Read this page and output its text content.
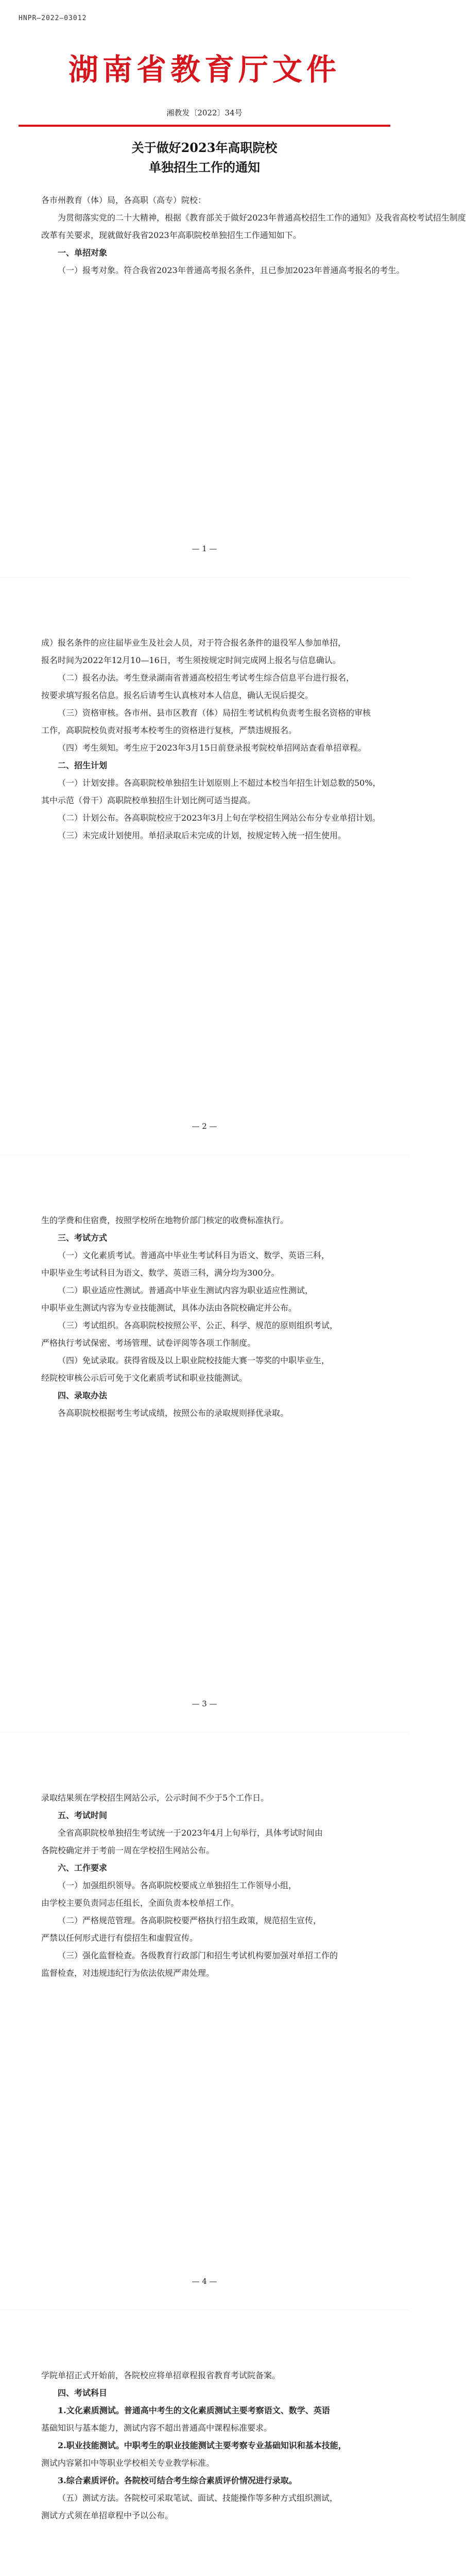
HNPR—2022—03012
湖南省教育厅文件
湘教发〔2022〕34号
关于做好2023年高职院校
单独招生工作的通知
各市州教育（体）局，各高职（高专）院校：
为贯彻落实党的二十大精神，根据《教育部关于做好2023年普通高校招生工作的通知》及我省高校考试招生制度
改革有关要求，现就做好我省2023年高职院校单独招生工作通知如下。
一、单招对象
（一）报考对象。符合我省2023年普通高考报名条件，且已参加2023年普通高考报名的考生。
— 1 —
成）报名条件的应往届毕业生及社会人员，对于符合报名条件的退役军人参加单招，
报名时间为2022年12月10—16日，考生须按规定时间完成网上报名与信息确认。
（二）报名办法。考生登录湖南省普通高校招生考试考生综合信息平台进行报名，
按要求填写报名信息。报名后请考生认真核对本人信息，确认无误后提交。
（三）资格审核。各市州、县市区教育（体）局招生考试机构负责考生报名资格的审核
工作，高职院校负责对报考本校考生的资格进行复核，严禁违规报名。
（四）考生须知。考生应于2023年3月15日前登录报考院校单招网站查看单招章程。
二、招生计划
（一）计划安排。各高职院校单独招生计划原则上不超过本校当年招生计划总数的50%，
其中示范（骨干）高职院校单独招生计划比例可适当提高。
（二）计划公布。各高职院校应于2023年3月上旬在学校招生网站公布分专业单招计划。
（三）未完成计划使用。单招录取后未完成的计划，按规定转入统一招生使用。
— 2 —
生的学费和住宿费，按照学校所在地物价部门核定的收费标准执行。
三、考试方式
（一）文化素质考试。普通高中毕业生考试科目为语文、数学、英语三科，
中职毕业生考试科目为语文、数学、英语三科，满分均为300分。
（二）职业适应性测试。普通高中毕业生测试内容为职业适应性测试，
中职毕业生测试内容为专业技能测试，具体办法由各院校确定并公布。
（三）考试组织。各高职院校按照公平、公正、科学、规范的原则组织考试，
严格执行考试保密、考场管理、试卷评阅等各项工作制度。
（四）免试录取。获得省级及以上职业院校技能大赛一等奖的中职毕业生，
经院校审核公示后可免于文化素质考试和职业技能测试。
四、录取办法
各高职院校根据考生考试成绩，按照公布的录取规则择优录取。
— 3 —
录取结果须在学校招生网站公示，公示时间不少于5个工作日。
五、考试时间
全省高职院校单独招生考试统一于2023年4月上旬举行，具体考试时间由
各院校确定并于考前一周在学校招生网站公布。
六、工作要求
（一）加强组织领导。各高职院校要成立单独招生工作领导小组，
由学校主要负责同志任组长，全面负责本校单招工作。
（二）严格规范管理。各高职院校要严格执行招生政策，规范招生宣传，
严禁以任何形式进行有偿招生和虚假宣传。
（三）强化监督检查。各级教育行政部门和招生考试机构要加强对单招工作的
监督检查，对违规违纪行为依法依规严肃处理。
— 4 —
学院单招正式开始前，各院校应将单招章程报省教育考试院备案。
四、考试科目
1.文化素质测试。普通高中考生的文化素质测试主要考察语文、数学、英语
基础知识与基本能力，测试内容不超出普通高中课程标准要求。
2.职业技能测试。中职考生的职业技能测试主要考察专业基础知识和基本技能，
测试内容紧扣中等职业学校相关专业教学标准。
3.综合素质评价。各院校可结合考生综合素质评价情况进行录取。
（五）测试方法。各院校可采取笔试、面试、技能操作等多种方式组织测试，
测试方式须在单招章程中予以公布。
